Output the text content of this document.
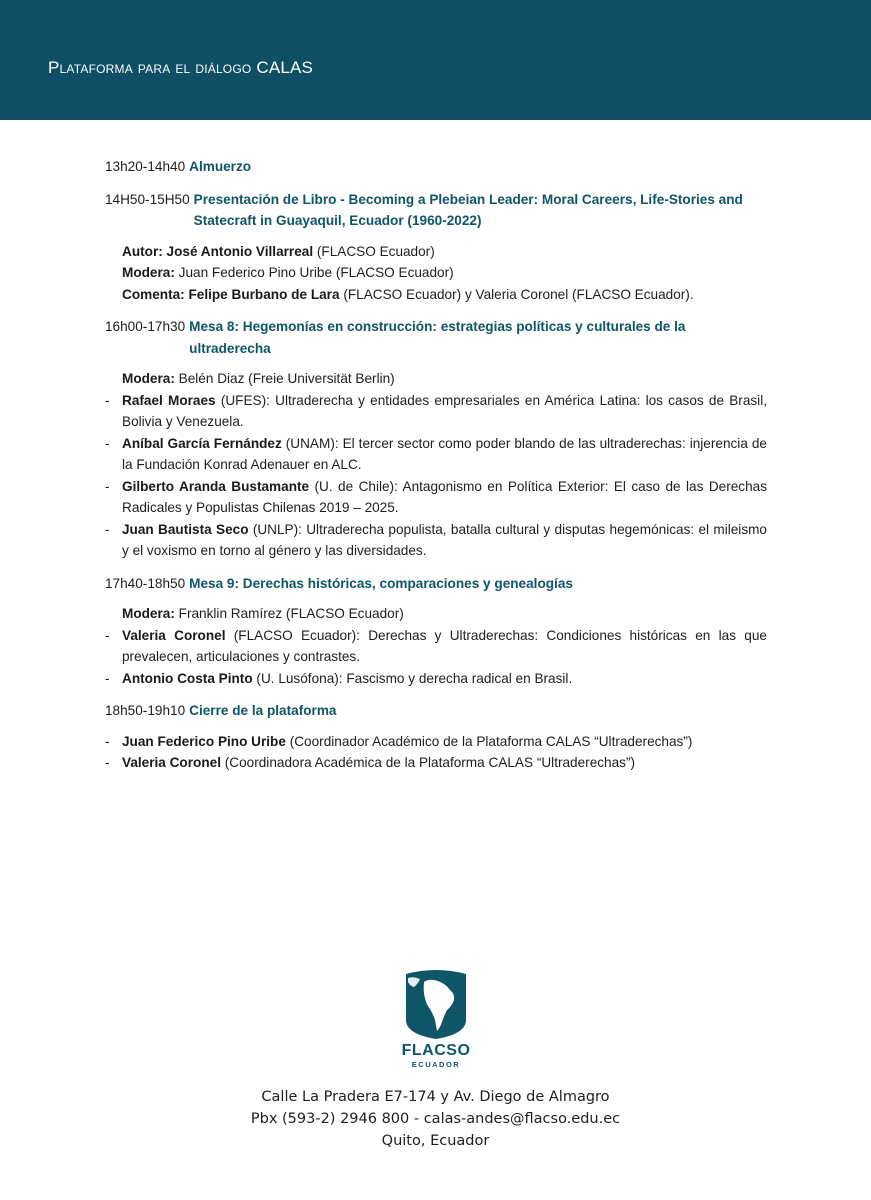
Plataforma para el diálogo CALAS
13h20-14h40 Almuerzo
14H50-15H50 Presentación de Libro - Becoming a Plebeian Leader: Moral Careers, Life-Stories and Statecraft in Guayaquil, Ecuador (1960-2022)
Autor: José Antonio Villarreal (FLACSO Ecuador)
Modera: Juan Federico Pino Uribe (FLACSO Ecuador)
Comenta: Felipe Burbano de Lara (FLACSO Ecuador) y Valeria Coronel (FLACSO Ecuador).
16h00-17h30 Mesa 8: Hegemonías en construcción: estrategias políticas y culturales de la ultraderecha
Modera: Belén Diaz (Freie Universität Berlin)
- Rafael Moraes (UFES): Ultraderecha y entidades empresariales en América Latina: los casos de Brasil, Bolivia y Venezuela.
- Aníbal García Fernández (UNAM): El tercer sector como poder blando de las ultraderechas: injerencia de la Fundación Konrad Adenauer en ALC.
- Gilberto Aranda Bustamante (U. de Chile): Antagonismo en Política Exterior: El caso de las Derechas Radicales y Populistas Chilenas 2019 – 2025.
- Juan Bautista Seco (UNLP): Ultraderecha populista, batalla cultural y disputas hegemónicas: el mileismo y el voxismo en torno al género y las diversidades.
17h40-18h50 Mesa 9: Derechas históricas, comparaciones y genealogías
Modera: Franklin Ramírez (FLACSO Ecuador)
- Valeria Coronel (FLACSO Ecuador): Derechas y Ultraderechas: Condiciones históricas en las que prevalecen, articulaciones y contrastes.
- Antonio Costa Pinto (U. Lusófona): Fascismo y derecha radical en Brasil.
18h50-19h10 Cierre de la plataforma
- Juan Federico Pino Uribe (Coordinador Académico de la Plataforma CALAS “Ultraderechas”)
- Valeria Coronel (Coordinadora Académica de la Plataforma CALAS “Ultraderechas”)
FLACSO
ECUADOR
Calle La Pradera E7-174 y Av. Diego de Almagro
Pbx (593-2) 2946 800 - calas-andes@flacso.edu.ec
Quito, Ecuador
